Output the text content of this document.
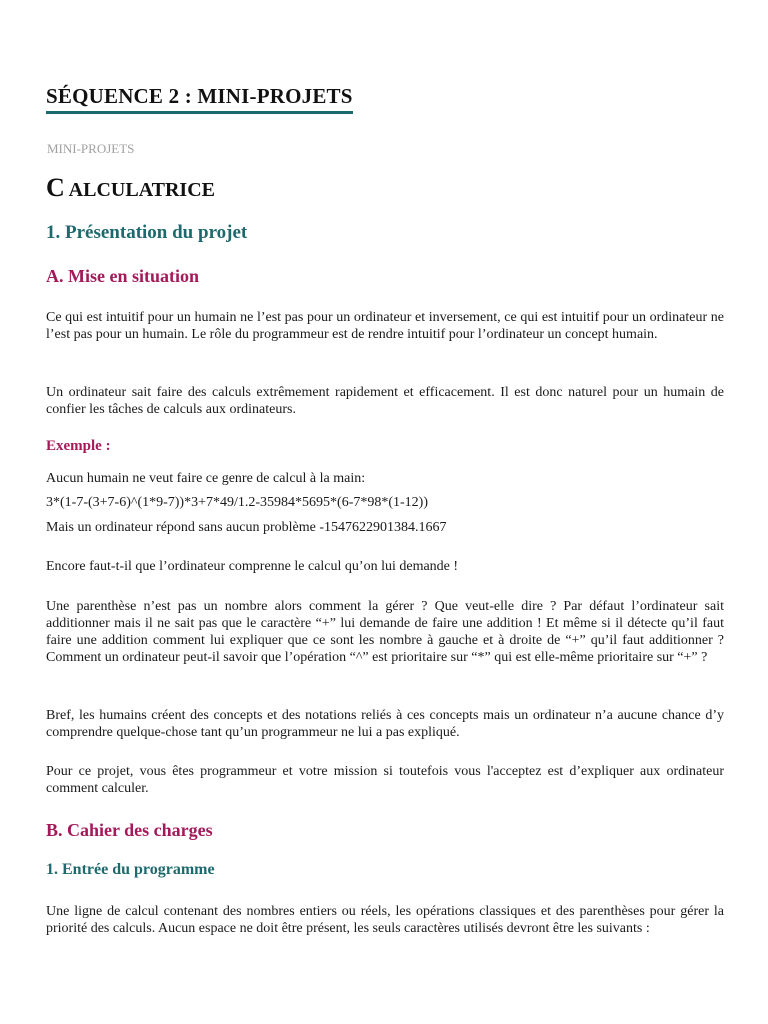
SÉQUENCE 2 : MINI-PROJETS
MINI-PROJETS
C ALCULATRICE
1. Présentation du projet
A. Mise en situation

Ce qui est intuitif pour un humain ne l’est pas pour un ordinateur et inversement, ce qui est intuitif pour un ordinateur ne l’est pas pour un humain. Le rôle du programmeur est de rendre intuitif pour l’ordinateur un concept humain.

Un ordinateur sait faire des calculs extrêmement rapidement et efficacement. Il est donc naturel pour un humain de confier les tâches de calculs aux ordinateurs.

Exemple :
Aucun humain ne veut faire ce genre de calcul à la main:
3*(1-7-(3+7-6)^(1*9-7))*3+7*49/1.2-35984*5695*(6-7*98*(1-12))
Mais un ordinateur répond sans aucun problème -1547622901384.1667

Encore faut-t-il que l’ordinateur comprenne le calcul qu’on lui demande !

Une parenthèse n’est pas un nombre alors comment la gérer ? Que veut-elle dire ? Par défaut l’ordinateur sait additionner mais il ne sait pas que le caractère “+” lui demande de faire une addition ! Et même si il détecte qu’il faut faire une addition comment lui expliquer que ce sont les nombre à gauche et à droite de “+” qu’il faut additionner ? Comment un ordinateur peut-il savoir que l’opération “^” est prioritaire sur “*” qui est elle-même prioritaire sur “+” ?

Bref, les humains créent des concepts et des notations reliés à ces concepts mais un ordinateur n’a aucune chance d’y comprendre quelque-chose tant qu’un programmeur ne lui a pas expliqué.

Pour ce projet, vous êtes programmeur et votre mission si toutefois vous l'acceptez est d’expliquer aux ordinateur comment calculer.

B. Cahier des charges
1. Entrée du programme

Une ligne de calcul contenant des nombres entiers ou réels, les opérations classiques et des parenthèses pour gérer la priorité des calculs. Aucun espace ne doit être présent, les seuls caractères utilisés devront être les suivants :
